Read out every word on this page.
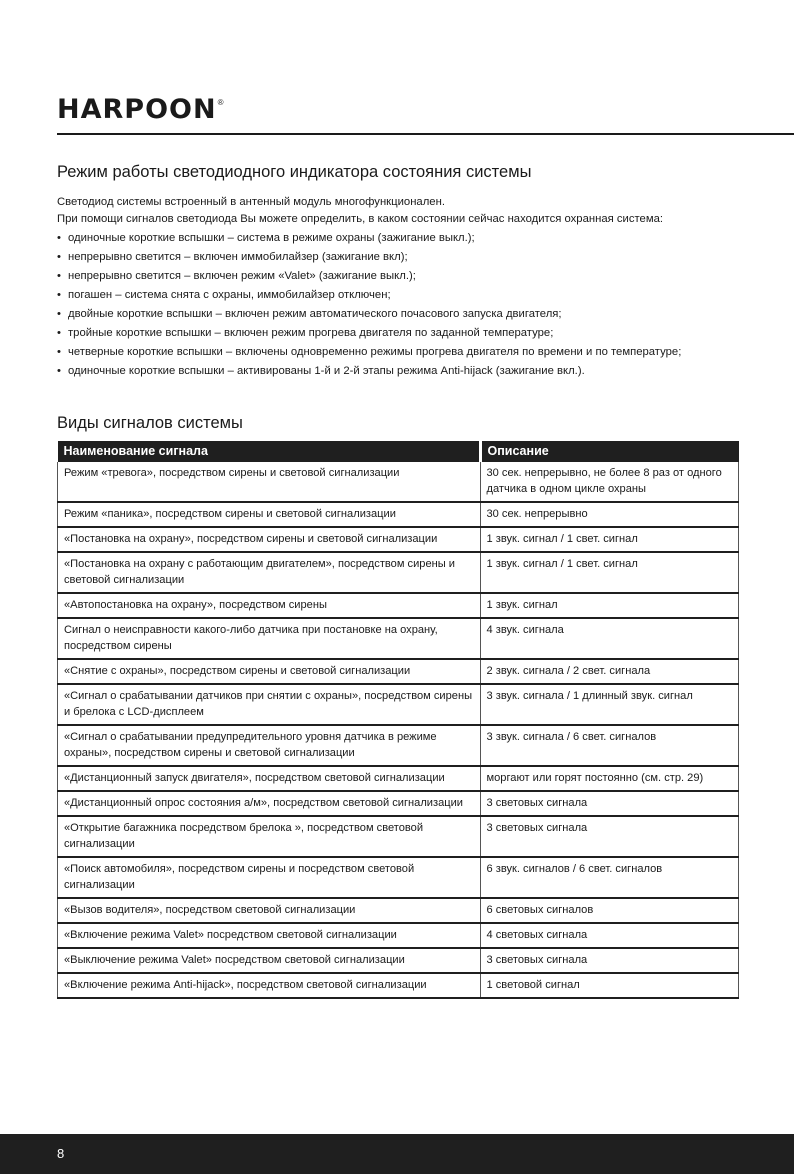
HARPOON ®
Режим работы светодиодного индикатора состояния системы

Светодиод системы встроенный в антенный модуль многофункционален.

При помощи сигналов светодиода Вы можете определить, в каком состоянии сейчас находится охранная система:

• одиночные короткие вспышки – система в режиме охраны (зажигание выкл.);
• непрерывно светится – включен иммобилайзер (зажигание вкл);
• непрерывно светится – включен режим «Valet» (зажигание выкл.);
• погашен – система снята с охраны, иммобилайзер отключен;
• двойные короткие вспышки – включен режим автоматического почасового запуска двигателя;
• тройные короткие вспышки – включен режим прогрева двигателя по заданной температуре;
• четверные короткие вспышки – включены одновременно режимы прогрева двигателя по времени и по температуре;
• одиночные короткие вспышки – активированы 1-й и 2-й этапы режима Anti-hijack (зажигание вкл.).
Виды сигналов системы
Наименование сигнала	Описание
Режим «тревога», посредством сирены и световой сигнализации	30 сек. непрерывно, не более 8 раз от одного датчика в одном цикле охраны
Режим «паника», посредством сирены и световой сигнализации	30 сек. непрерывно
«Постановка на охрану», посредством сирены и световой сигнализации	1 звук. сигнал / 1 свет. сигнал
«Постановка на охрану с работающим двигателем», посредством сирены и световой сигнализации	1 звук. сигнал / 1 свет. сигнал
«Автопостановка на охрану», посредством сирены	1 звук. сигнал
Сигнал о неисправности какого-либо датчика при постановке на охрану, посредством сирены	4 звук. сигнала
«Снятие с охраны», посредством сирены и световой сигнализации	2 звук. сигнала / 2 свет. сигнала
«Сигнал о срабатывании датчиков при снятии с охраны», посредством сирены и брелока с LCD-дисплеем	3 звук. сигнала / 1 длинный звук. сигнал
«Сигнал о срабатывании предупредительного уровня датчика в режиме охраны», посредством сирены и световой сигнализации	3 звук. сигнала / 6 свет. сигналов
«Дистанционный запуск двигателя», посредством световой сигнализации	моргают или горят постоянно (см. стр. 29)
«Дистанционный опрос состояния а/м», посредством световой сигнализации	3 световых сигнала
«Открытие багажника посредством брелока », посредством световой сигнализации	3 световых сигнала
«Поиск автомобиля», посредством сирены и посредством световой сигнализации	6 звук. сигналов / 6 свет. сигналов
«Вызов водителя», посредством световой сигнализации	6 световых сигналов
«Включение режима Valet» посредством световой сигнализации	4 световых сигнала
«Выключение режима Valet» посредством световой сигнализации	3 световых сигнала
«Включение режима Anti-hijack», посредством световой сигнализации	1 световой сигнал
8
